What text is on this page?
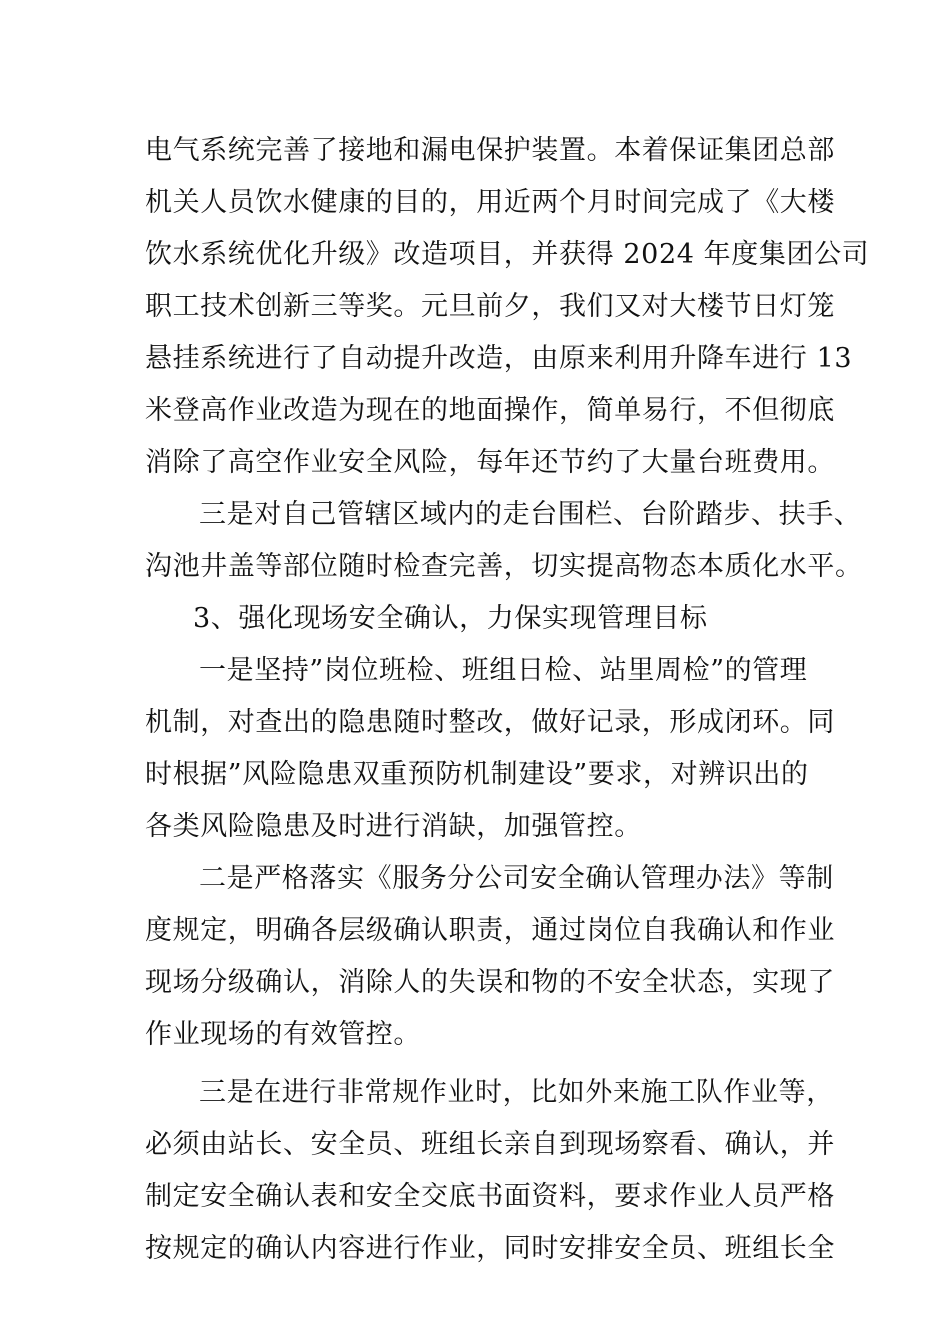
电气系统完善了接地和漏电保护装置。本着保证集团总部
机关人员饮水健康的目的，用近两个月时间完成了《大楼
饮水系统优化升级》改造项目，并获得 2024 年度集团公司
职工技术创新三等奖。元旦前夕，我们又对大楼节日灯笼
悬挂系统进行了自动提升改造，由原来利用升降车进行 13
米登高作业改造为现在的地面操作，简单易行，不但彻底
消除了高空作业安全风险，每年还节约了大量台班费用。
三是对自己管辖区域内的走台围栏、台阶踏步、扶手、
沟池井盖等部位随时检查完善，切实提高物态本质化水平。
3、强化现场安全确认，力保实现管理目标
一是坚持”岗位班检、班组日检、站里周检”的管理
机制，对查出的隐患随时整改，做好记录，形成闭环。同
时根据”风险隐患双重预防机制建设”要求，对辨识出的
各类风险隐患及时进行消缺，加强管控。
二是严格落实《服务分公司安全确认管理办法》等制
度规定，明确各层级确认职责，通过岗位自我确认和作业
现场分级确认，消除人的失误和物的不安全状态，实现了
作业现场的有效管控。
三是在进行非常规作业时，比如外来施工队作业等，
必须由站长、安全员、班组长亲自到现场察看、确认，并
制定安全确认表和安全交底书面资料，要求作业人员严格
按规定的确认内容进行作业，同时安排安全员、班组长全
